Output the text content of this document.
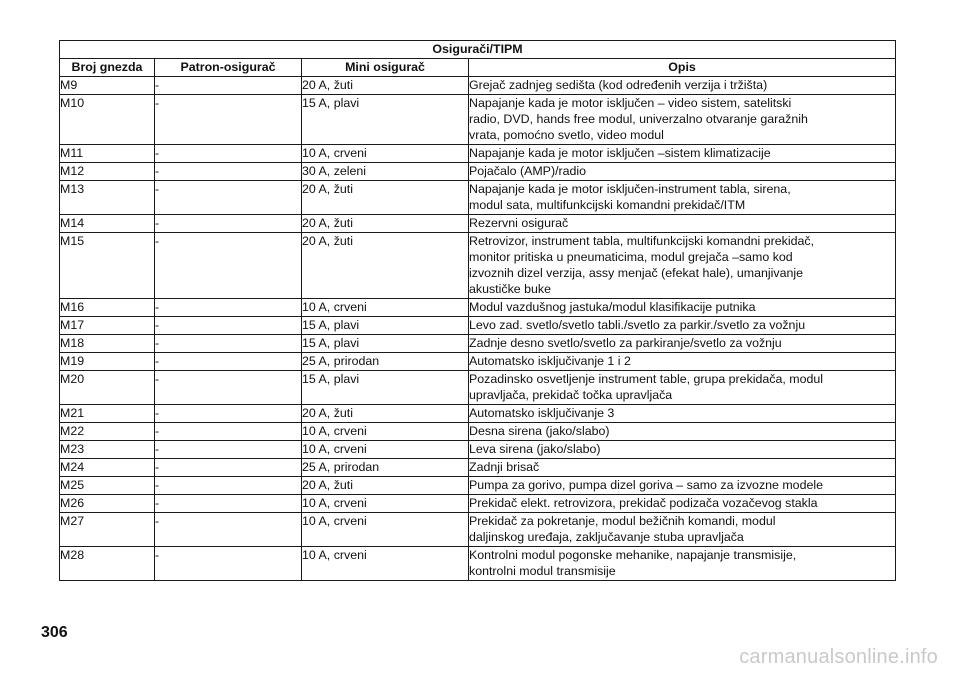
Osigurači/TIPM			
Broj gnezda	Patron-osigurač	Mini osigurač	Opis
M9	-	20 A, žuti	Grejač zadnjeg sedišta (kod određenih verzija i tržišta)

M10	-	15 A, plavi	Napajanje kada je motor isključen – video sistem, satelitski
radio, DVD, hands free modul, univerzalno otvaranje garažnih
vrata, pomoćno svetlo, video modul

M11	-	10 A, crveni	Napajanje kada je motor isključen –sistem klimatizacije

M12	-	30 A, zeleni	Pojačalo (AMP)/radio

M13	-	20 A, žuti	Napajanje kada je motor isključen-instrument tabla, sirena,
modul sata, multifunkcijski komandni prekidač/ITM

M14	-	20 A, žuti	Rezervni osigurač

M15	-	20 A, žuti	Retrovizor, instrument tabla, multifunkcijski komandni prekidač,
monitor pritiska u pneumaticima, modul grejača –samo kod
izvoznih dizel verzija, assy menjač (efekat hale), umanjivanje
akustičke buke

M16	-	10 A, crveni	Modul vazdušnog jastuka/modul klasifikacije putnika

M17	-	15 A, plavi	Levo zad. svetlo/svetlo tabli./svetlo za parkir./svetlo za vožnju

M18	-	15 A, plavi	Zadnje desno svetlo/svetlo za parkiranje/svetlo za vožnju

M19	-	25 A, prirodan	Automatsko isključivanje 1 i 2

M20	-	15 A, plavi	Pozadinsko osvetljenje instrument table, grupa prekidača, modul
upravljača, prekidač točka upravljača

M21	-	20 A, žuti	Automatsko isključivanje 3

M22	-	10 A, crveni	Desna sirena (jako/slabo)

M23	-	10 A, crveni	Leva sirena (jako/slabo)

M24	-	25 A, prirodan	Zadnji brisač

M25	-	20 A, žuti	Pumpa za gorivo, pumpa dizel goriva – samo za izvozne modele

M26	-	10 A, crveni	Prekidač elekt. retrovizora, prekidač podizača vozačevog stakla

M27	-	10 A, crveni	Prekidač za pokretanje, modul bežičnih komandi, modul
daljinskog uređaja, zaključavanje stuba upravljača

M28	-	10 A, crveni	Kontrolni modul pogonske mehanike, napajanje transmisije,
kontrolni modul transmisije
306
carmanualsonline.info
